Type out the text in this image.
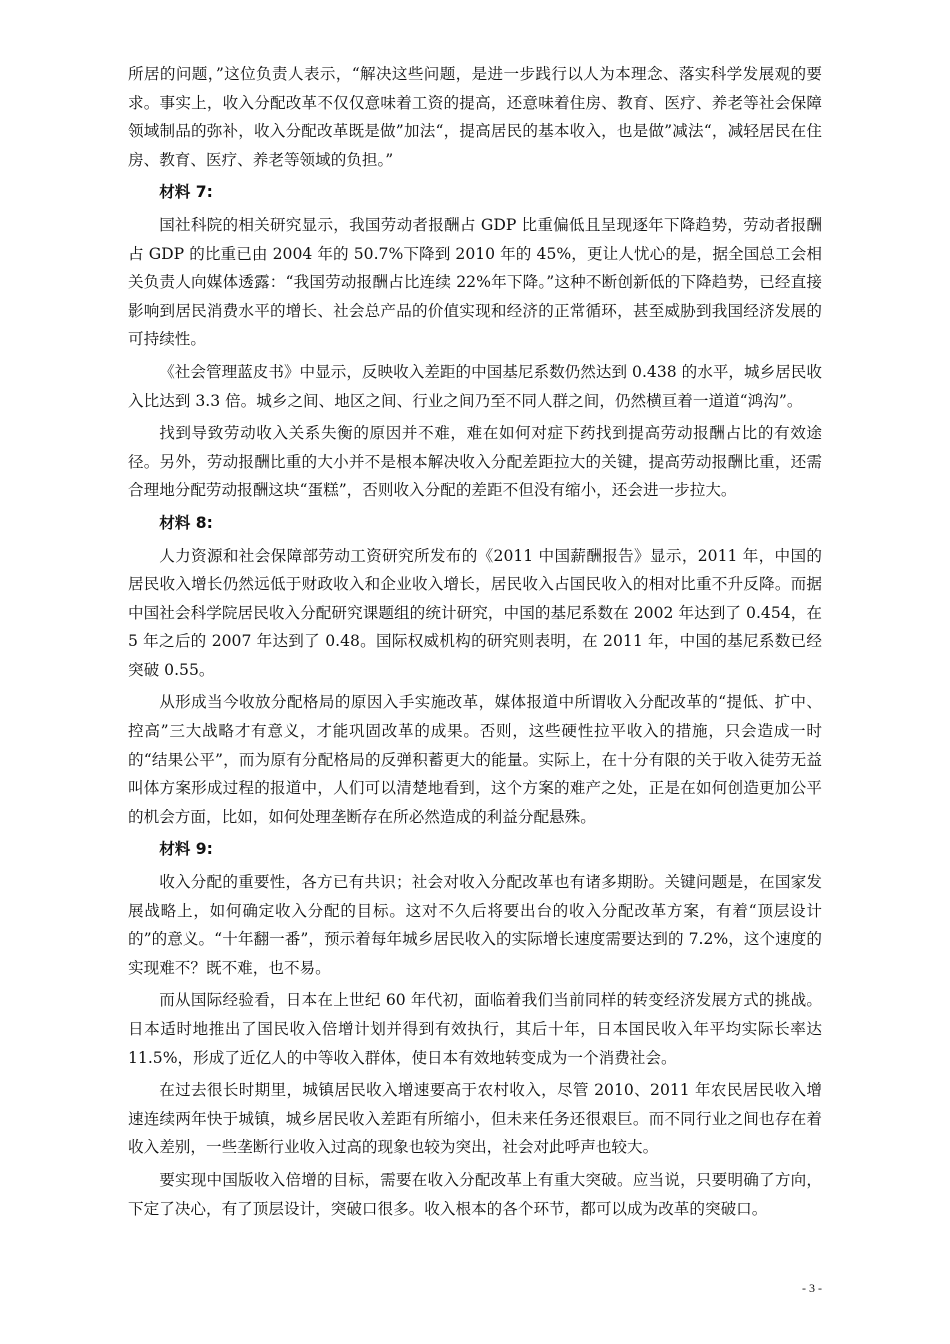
所居的问题，”这位负责人表示，“解决这些问题，是进一步践行以人为本理念、落实科学发展观的要求。事实上，收入分配改革不仅仅意味着工资的提高，还意味着住房、教育、医疗、养老等社会保障领域制品的弥补，收入分配改革既是做”加法“，提高居民的基本收入，也是做”减法“，减轻居民在住房、教育、医疗、养老等领域的负担。”

材料 7:

国社科院的相关研究显示，我国劳动者报酬占 GDP 比重偏低且呈现逐年下降趋势，劳动者报酬占 GDP 的比重已由 2004 年的 50.7%下降到 2010 年的 45%，更让人忧心的是，据全国总工会相关负责人向媒体透露：“我国劳动报酬占比连续 22%年下降。”这种不断创新低的下降趋势，已经直接影响到居民消费水平的增长、社会总产品的价值实现和经济的正常循环，甚至威胁到我国经济发展的可持续性。

《社会管理蓝皮书》中显示，反映收入差距的中国基尼系数仍然达到 0.438 的水平，城乡居民收入比达到 3.3 倍。城乡之间、地区之间、行业之间乃至不同人群之间，仍然横亘着一道道“鸿沟”。

找到导致劳动收入关系失衡的原因并不难，难在如何对症下药找到提高劳动报酬占比的有效途径。另外，劳动报酬比重的大小并不是根本解决收入分配差距拉大的关键，提高劳动报酬比重，还需合理地分配劳动报酬这块“蛋糕”，否则收入分配的差距不但没有缩小，还会进一步拉大。

材料 8:

人力资源和社会保障部劳动工资研究所发布的《2011 中国薪酬报告》显示，2011 年，中国的居民收入增长仍然远低于财政收入和企业收入增长，居民收入占国民收入的相对比重不升反降。而据中国社会科学院居民收入分配研究课题组的统计研究，中国的基尼系数在 2002 年达到了 0.454，在 5 年之后的 2007 年达到了 0.48。国际权威机构的研究则表明，在 2011 年，中国的基尼系数已经突破 0.55。

从形成当今收放分配格局的原因入手实施改革，媒体报道中所谓收入分配改革的“提低、扩中、控高”三大战略才有意义，才能巩固改革的成果。否则，这些硬性拉平收入的措施，只会造成一时的“结果公平”，而为原有分配格局的反弹积蓄更大的能量。实际上，在十分有限的关于收入徒劳无益叫体方案形成过程的报道中，人们可以清楚地看到，这个方案的难产之处，正是在如何创造更加公平的机会方面，比如，如何处理垄断存在所必然造成的利益分配悬殊。

材料 9:

收入分配的重要性，各方已有共识；社会对收入分配改革也有诸多期盼。关键问题是，在国家发展战略上，如何确定收入分配的目标。这对不久后将要出台的收入分配改革方案，有着“顶层设计的”的意义。“十年翻一番”，预示着每年城乡居民收入的实际增长速度需要达到的 7.2%，这个速度的实现难不？既不难，也不易。

而从国际经验看，日本在上世纪 60 年代初，面临着我们当前同样的转变经济发展方式的挑战。日本适时地推出了国民收入倍增计划并得到有效执行，其后十年，日本国民收入年平均实际长率达 11.5%，形成了近亿人的中等收入群体，使日本有效地转变成为一个消费社会。

在过去很长时期里，城镇居民收入增速要高于农村收入，尽管 2010、2011 年农民居民收入增速连续两年快于城镇，城乡居民收入差距有所缩小，但未来任务还很艰巨。而不同行业之间也存在着收入差别，一些垄断行业收入过高的现象也较为突出，社会对此呼声也较大。

要实现中国版收入倍增的目标，需要在收入分配改革上有重大突破。应当说，只要明确了方向，下定了决心，有了顶层设计，突破口很多。收入根本的各个环节，都可以成为改革的突破口。

- 3 -
